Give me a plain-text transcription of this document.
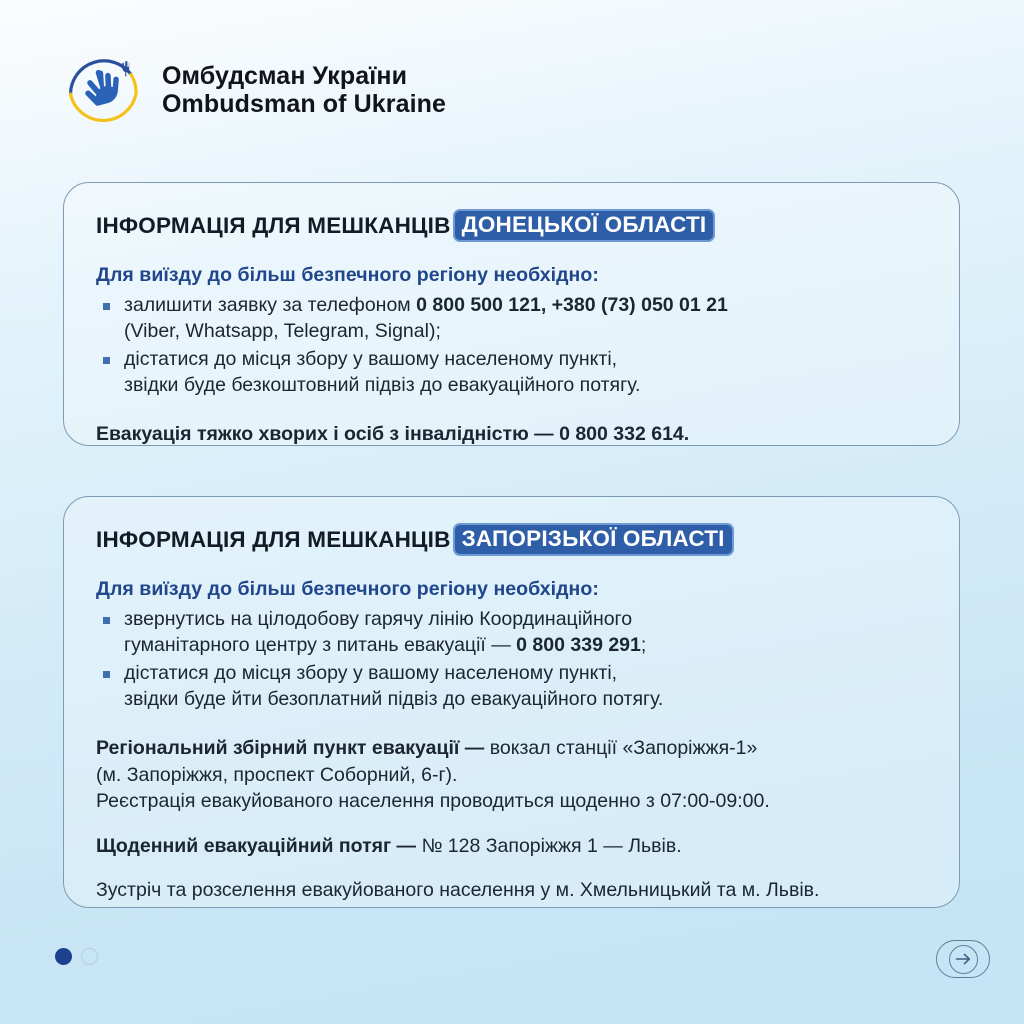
Омбудсман України
Ombudsman of Ukraine
ІНФОРМАЦІЯ ДЛЯ МЕШКАНЦІВ ДОНЕЦЬКОЇ ОБЛАСТІ
Для виїзду до більш безпечного регіону необхідно:
залишити заявку за телефоном 0 800 500 121, +380 (73) 050 01 21
(Viber, Whatsapp, Telegram, Signal);
дістатися до місця збору у вашому населеному пункті,
звідки буде безкоштовний підвіз до евакуаційного потягу.
Евакуація тяжко хворих і осіб з інвалідністю — 0 800 332 614.
ІНФОРМАЦІЯ ДЛЯ МЕШКАНЦІВ ЗАПОРІЗЬКОЇ ОБЛАСТІ
Для виїзду до більш безпечного регіону необхідно:
звернутись на цілодобову гарячу лінію Координаційного
гуманітарного центру з питань евакуації — 0 800 339 291;
дістатися до місця збору у вашому населеному пункті,
звідки буде йти безоплатний підвіз до евакуаційного потягу.
Регіональний збірний пункт евакуації — вокзал станції «Запоріжжя-1»
(м. Запоріжжя, проспект Соборний, 6-г).
Реєстрація евакуйованого населення проводиться щоденно з 07:00-09:00.
Щоденний евакуаційний потяг — № 128 Запоріжжя 1 — Львів.
Зустріч та розселення евакуйованого населення у м. Хмельницький та м. Львів.
